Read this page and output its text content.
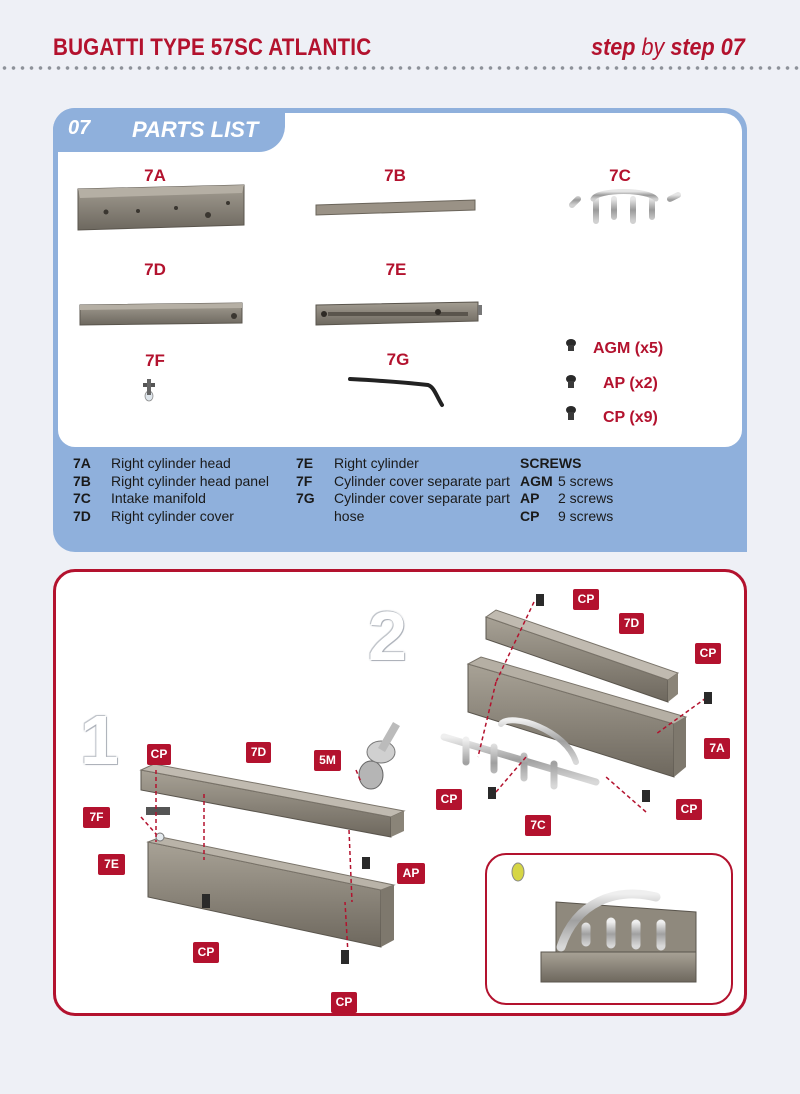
BUGATTI TYPE 57SC ATLANTIC	step by step 07
7A	7B	7C
7D	7E
7F	7G
AGM (x5)
AP (x2)
CP (x9)
07 PARTS LIST
7A	Right cylinder head
7B	Right cylinder head panel
7C	Intake manifold
7D	Right cylinder cover
7E	Right cylinder
7F	Cylinder cover separate part
7G	Cylinder cover separate part
hose
SCREWS
AGM 5 screws
AP	2 screws
CP	9 screws
1
2
CP	7D
5M
7F
7E
AP
CP
CP
CP
7D
CP
7A
CP
7C
CP
